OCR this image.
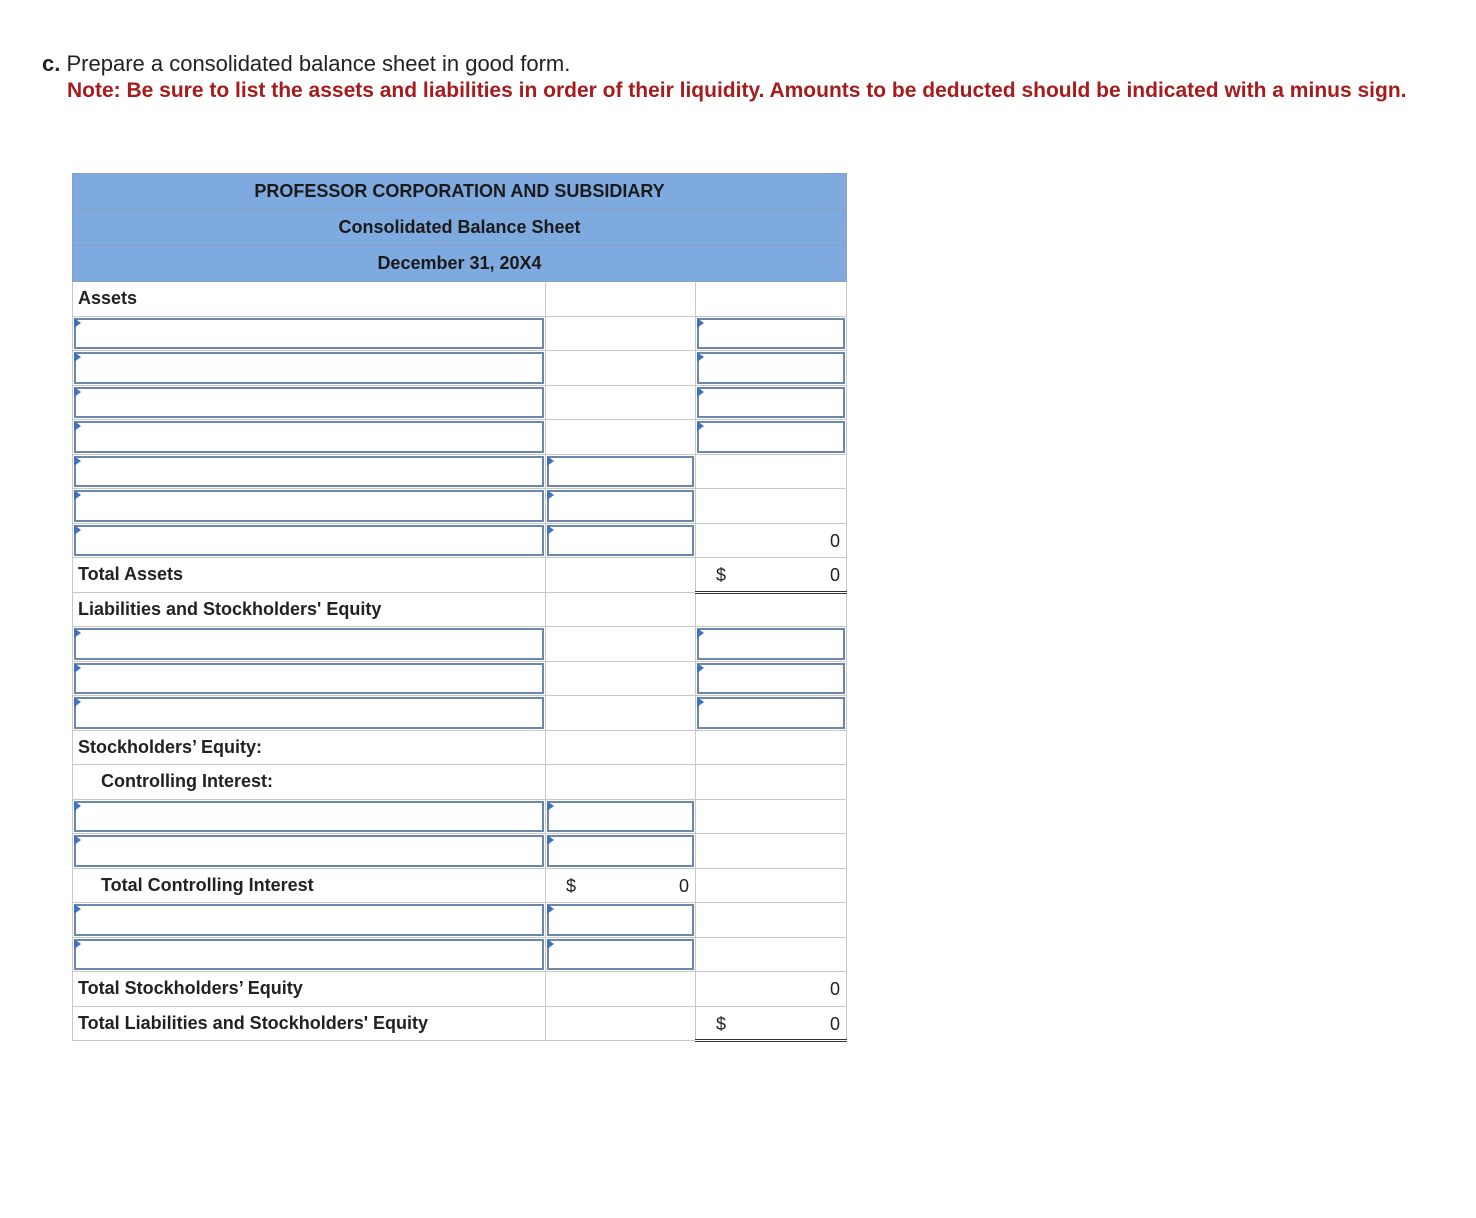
c. Prepare a consolidated balance sheet in good form.
Note: Be sure to list the assets and liabilities in order of their liquidity. Amounts to be deducted should be indicated with a minus sign.
PROFESSOR CORPORATION AND SUBSIDIARY		
Consolidated Balance Sheet		
December 31, 20X4		
Assets		

		0

Total Assets		$ 0

Liabilities and Stockholders' Equity		

Stockholders’ Equity:		
Controlling Interest:		

Total Controlling Interest	$ 0	

Total Stockholders’ Equity		0

Total Liabilities and Stockholders' Equity		$ 0
